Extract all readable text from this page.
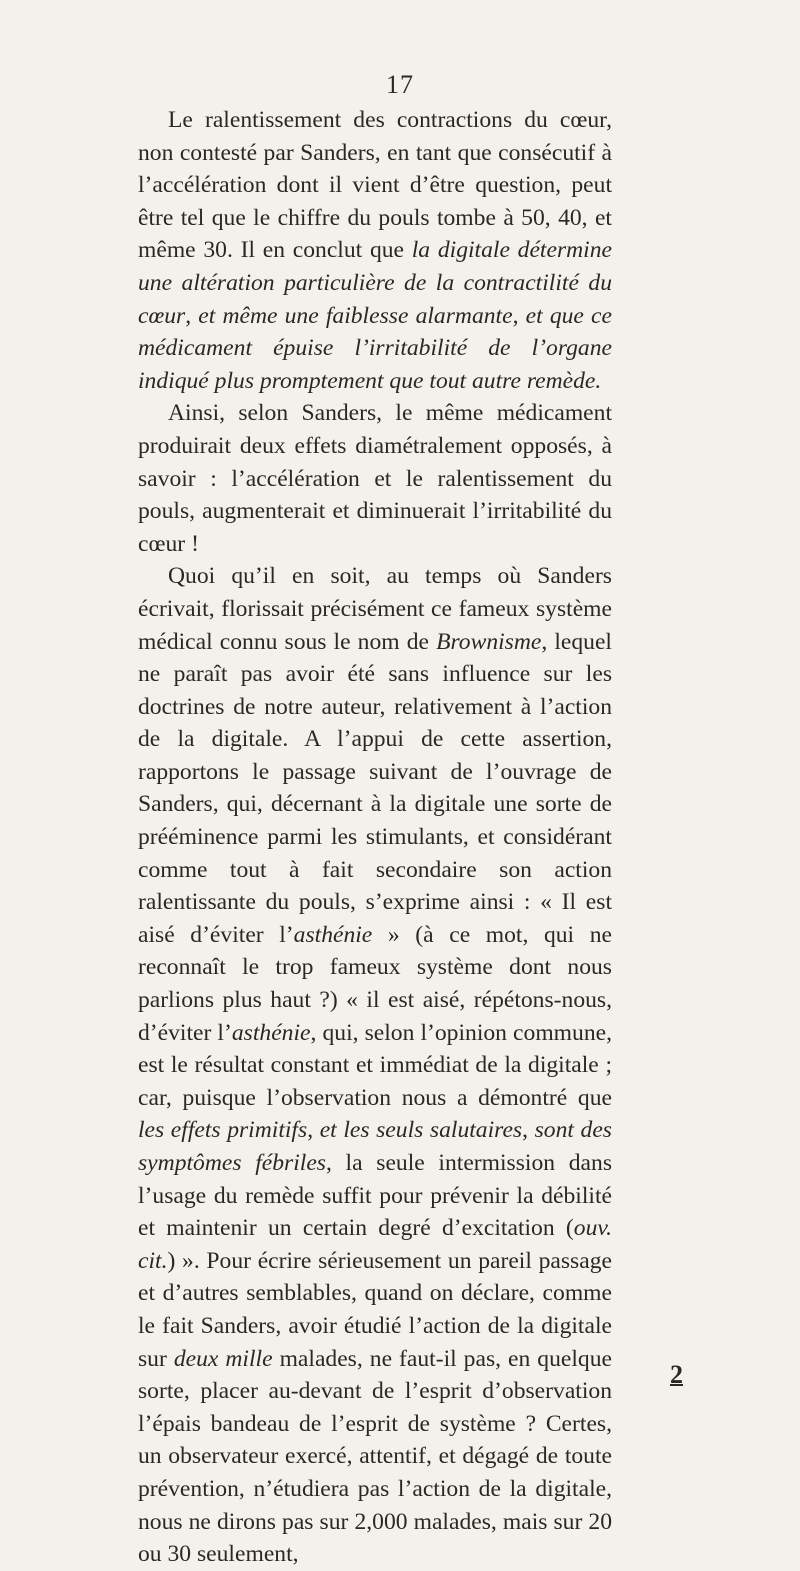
17

Le ralentissement des contractions du cœur, non contesté par Sanders, en tant que consécutif à l’accélération dont il vient d’être question, peut être tel que le chiffre du pouls tombe à 50, 40, et même 30. Il en conclut que la digitale détermine une altération particulière de la contractilité du cœur, et même une faiblesse alarmante, et que ce médicament épuise l’irritabilité de l’organe indiqué plus promptement que tout autre remède.

Ainsi, selon Sanders, le même médicament produirait deux effets diamétralement opposés, à savoir : l’accélération et le ralentissement du pouls, augmenterait et diminuerait l’irritabilité du cœur !

Quoi qu’il en soit, au temps où Sanders écrivait, florissait précisément ce fameux système médical connu sous le nom de Brownisme, lequel ne paraît pas avoir été sans influence sur les doctrines de notre auteur, relativement à l’action de la digitale. A l’appui de cette assertion, rapportons le passage suivant de l’ouvrage de Sanders, qui, décernant à la digitale une sorte de prééminence parmi les stimulants, et considérant comme tout à fait secondaire son action ralentissante du pouls, s’exprime ainsi : « Il est aisé d’éviter l’asthénie » (à ce mot, qui ne reconnaît le trop fameux système dont nous parlions plus haut ?) « il est aisé, répétons-nous, d’éviter l’asthénie, qui, selon l’opinion commune, est le résultat constant et immédiat de la digitale ; car, puisque l’observation nous a démontré que les effets primitifs, et les seuls salutaires, sont des symptômes fébriles, la seule intermission dans l’usage du remède suffit pour prévenir la débilité et maintenir un certain degré d’excitation (ouv. cit.) ». Pour écrire sérieusement un pareil passage et d’autres semblables, quand on déclare, comme le fait Sanders, avoir étudié l’action de la digitale sur deux mille malades, ne faut-il pas, en quelque sorte, placer au-devant de l’esprit d’observation l’épais bandeau de l’esprit de système ? Certes, un observateur exercé, attentif, et dégagé de toute prévention, n’étudiera pas l’action de la digitale, nous ne dirons pas sur 2,000 malades, mais sur 20 ou 30 seulement,

2
